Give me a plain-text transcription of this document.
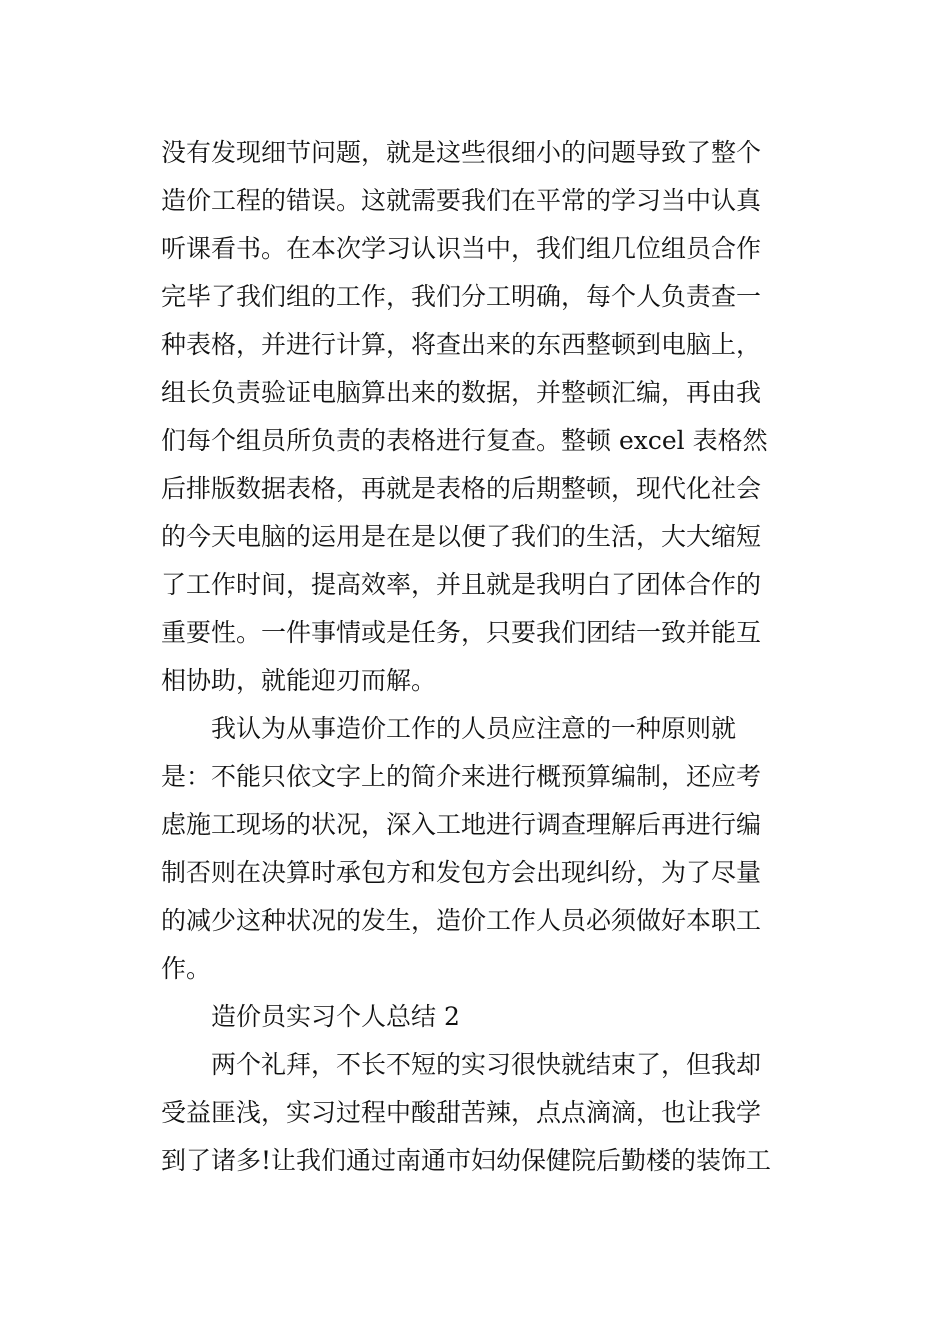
没有发现细节问题，就是这些很细小的问题导致了整个
造价工程的错误。这就需要我们在平常的学习当中认真
听课看书。在本次学习认识当中，我们组几位组员合作
完毕了我们组的工作，我们分工明确，每个人负责查一
种表格，并进行计算，将查出来的东西整顿到电脑上，
组长负责验证电脑算出来的数据，并整顿汇编，再由我
们每个组员所负责的表格进行复查。整顿 excel 表格然
后排版数据表格，再就是表格的后期整顿，现代化社会
的今天电脑的运用是在是以便了我们的生活，大大缩短
了工作时间，提高效率，并且就是我明白了团体合作的
重要性。一件事情或是任务，只要我们团结一致并能互
相协助，就能迎刃而解。
我认为从事造价工作的人员应注意的一种原则就
是：不能只依文字上的简介来进行概预算编制，还应考
虑施工现场的状况，深入工地进行调查理解后再进行编
制否则在决算时承包方和发包方会出现纠纷，为了尽量
的减少这种状况的发生，造价工作人员必须做好本职工
作。
造价员实习个人总结 2
两个礼拜，不长不短的实习很快就结束了，但我却
受益匪浅，实习过程中酸甜苦辣，点点滴滴，也让我学
到了诸多!让我们通过南通市妇幼保健院后勤楼的装饰工
